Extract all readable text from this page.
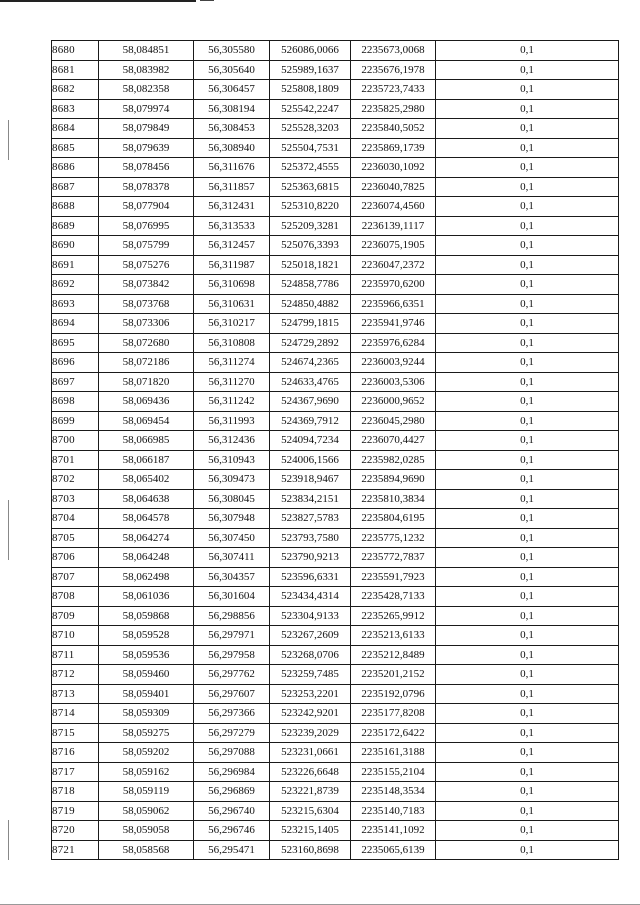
8680	58,084851	56,305580	526086,0066	2235673,0068	0,1
8681	58,083982	56,305640	525989,1637	2235676,1978	0,1
8682	58,082358	56,306457	525808,1809	2235723,7433	0,1
8683	58,079974	56,308194	525542,2247	2235825,2980	0,1
8684	58,079849	56,308453	525528,3203	2235840,5052	0,1
8685	58,079639	56,308940	525504,7531	2235869,1739	0,1
8686	58,078456	56,311676	525372,4555	2236030,1092	0,1
8687	58,078378	56,311857	525363,6815	2236040,7825	0,1
8688	58,077904	56,312431	525310,8220	2236074,4560	0,1
8689	58,076995	56,313533	525209,3281	2236139,1117	0,1
8690	58,075799	56,312457	525076,3393	2236075,1905	0,1
8691	58,075276	56,311987	525018,1821	2236047,2372	0,1
8692	58,073842	56,310698	524858,7786	2235970,6200	0,1
8693	58,073768	56,310631	524850,4882	2235966,6351	0,1
8694	58,073306	56,310217	524799,1815	2235941,9746	0,1
8695	58,072680	56,310808	524729,2892	2235976,6284	0,1
8696	58,072186	56,311274	524674,2365	2236003,9244	0,1
8697	58,071820	56,311270	524633,4765	2236003,5306	0,1
8698	58,069436	56,311242	524367,9690	2236000,9652	0,1
8699	58,069454	56,311993	524369,7912	2236045,2980	0,1
8700	58,066985	56,312436	524094,7234	2236070,4427	0,1
8701	58,066187	56,310943	524006,1566	2235982,0285	0,1
8702	58,065402	56,309473	523918,9467	2235894,9690	0,1
8703	58,064638	56,308045	523834,2151	2235810,3834	0,1
8704	58,064578	56,307948	523827,5783	2235804,6195	0,1
8705	58,064274	56,307450	523793,7580	2235775,1232	0,1
8706	58,064248	56,307411	523790,9213	2235772,7837	0,1
8707	58,062498	56,304357	523596,6331	2235591,7923	0,1
8708	58,061036	56,301604	523434,4314	2235428,7133	0,1
8709	58,059868	56,298856	523304,9133	2235265,9912	0,1
8710	58,059528	56,297971	523267,2609	2235213,6133	0,1
8711	58,059536	56,297958	523268,0706	2235212,8489	0,1
8712	58,059460	56,297762	523259,7485	2235201,2152	0,1
8713	58,059401	56,297607	523253,2201	2235192,0796	0,1
8714	58,059309	56,297366	523242,9201	2235177,8208	0,1
8715	58,059275	56,297279	523239,2029	2235172,6422	0,1
8716	58,059202	56,297088	523231,0661	2235161,3188	0,1
8717	58,059162	56,296984	523226,6648	2235155,2104	0,1
8718	58,059119	56,296869	523221,8739	2235148,3534	0,1
8719	58,059062	56,296740	523215,6304	2235140,7183	0,1
8720	58,059058	56,296746	523215,1405	2235141,1092	0,1
8721	58,058568	56,295471	523160,8698	2235065,6139	0,1
